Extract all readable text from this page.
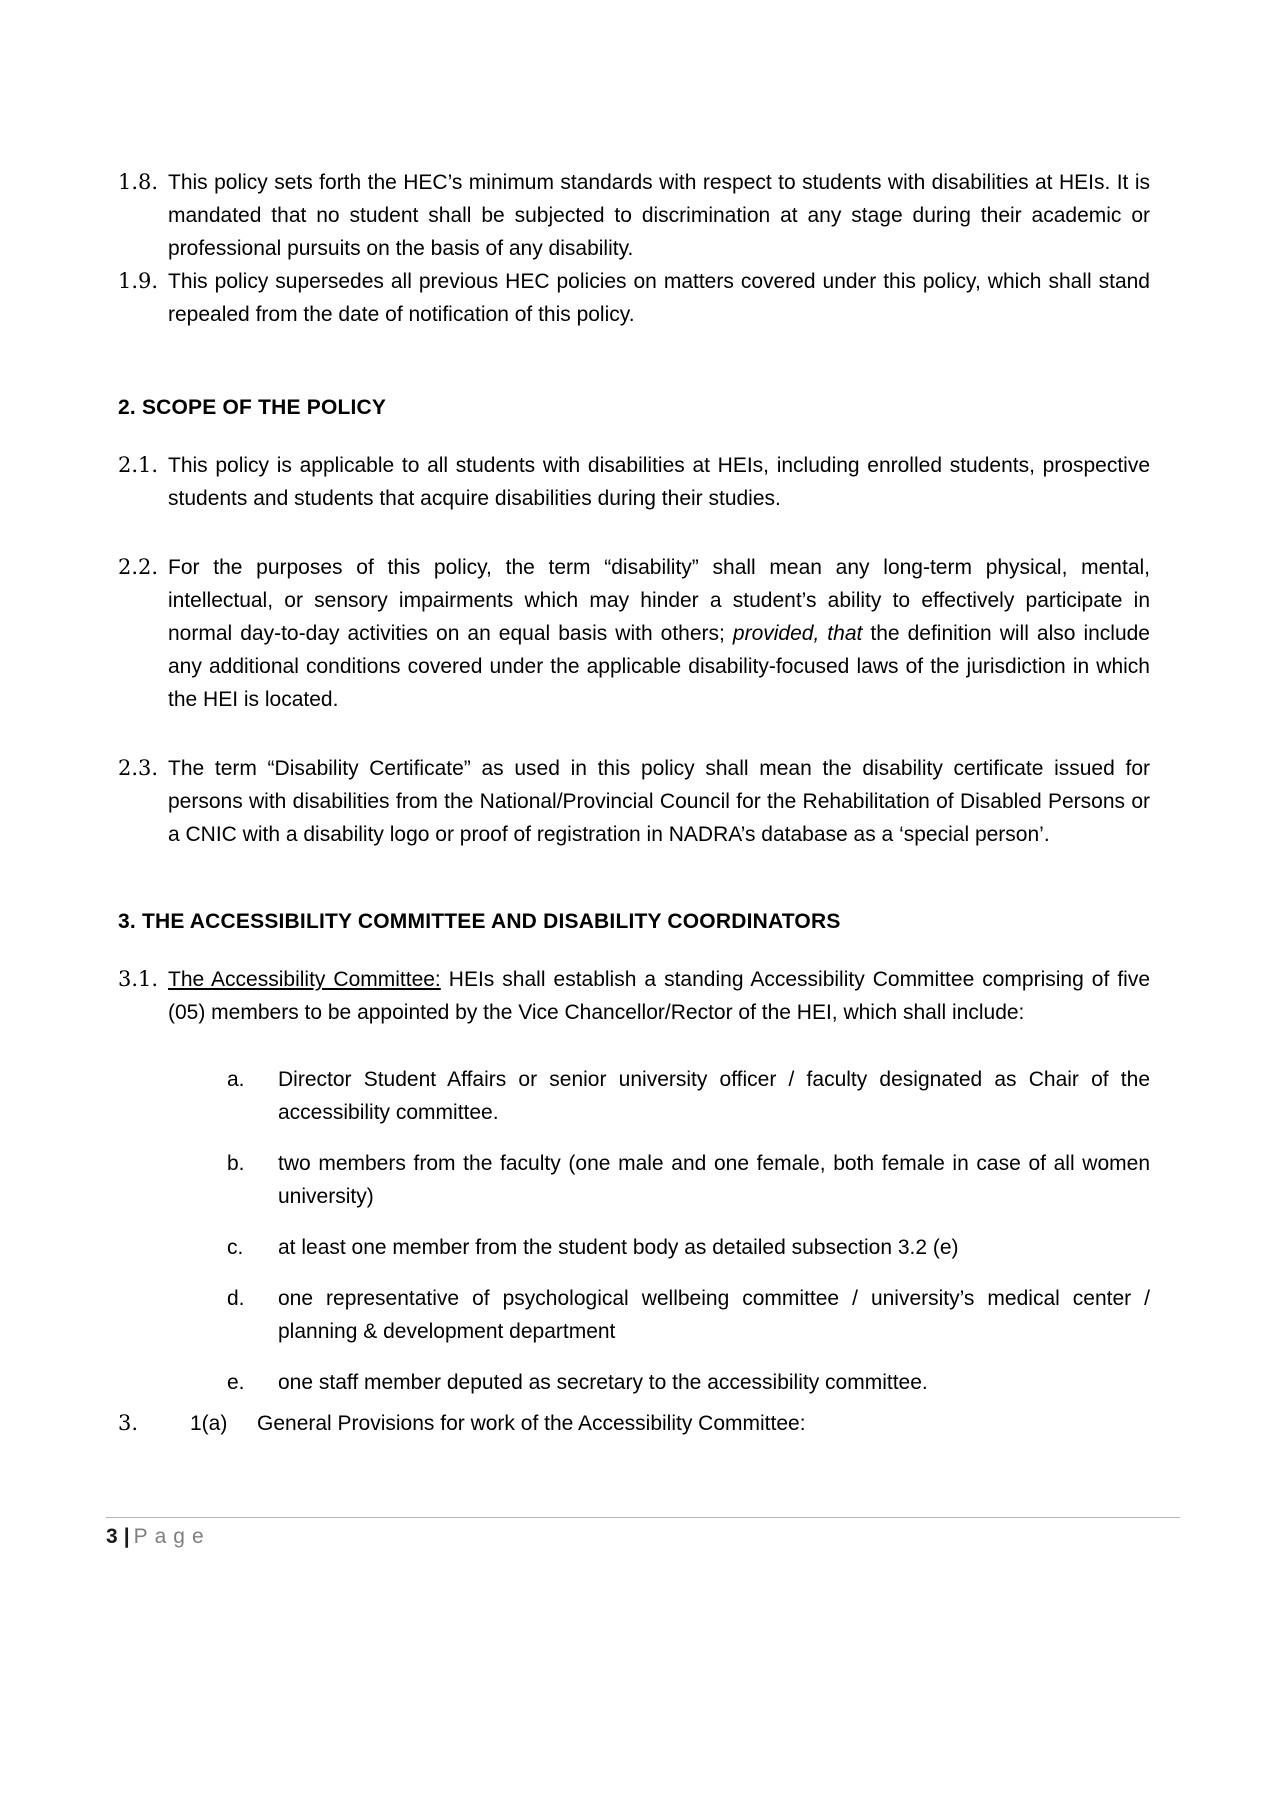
1.8. This policy sets forth the HEC’s minimum standards with respect to students with disabilities at HEIs. It is mandated that no student shall be subjected to discrimination at any stage during their academic or professional pursuits on the basis of any disability.
1.9. This policy supersedes all previous HEC policies on matters covered under this policy, which shall stand repealed from the date of notification of this policy.
2. SCOPE OF THE POLICY
2.1. This policy is applicable to all students with disabilities at HEIs, including enrolled students, prospective students and students that acquire disabilities during their studies.
2.2. For the purposes of this policy, the term “disability” shall mean any long-term physical, mental, intellectual, or sensory impairments which may hinder a student’s ability to effectively participate in normal day-to-day activities on an equal basis with others; provided, that the definition will also include any additional conditions covered under the applicable disability-focused laws of the jurisdiction in which the HEI is located.
2.3. The term “Disability Certificate” as used in this policy shall mean the disability certificate issued for persons with disabilities from the National/Provincial Council for the Rehabilitation of Disabled Persons or a CNIC with a disability logo or proof of registration in NADRA’s database as a ‘special person’.
3. THE ACCESSIBILITY COMMITTEE AND DISABILITY COORDINATORS
3.1. The Accessibility Committee: HEIs shall establish a standing Accessibility Committee comprising of five (05) members to be appointed by the Vice Chancellor/Rector of the HEI, which shall include:
a.	Director Student Affairs or senior university officer / faculty designated as Chair of the accessibility committee.
b.	two members from the faculty (one male and one female, both female in case of all women university)
c.	at least one member from the student body as detailed subsection 3.2 (e)
d.	one representative of psychological wellbeing committee / university’s medical center / planning & development department
e.	one staff member deputed as secretary to the accessibility committee.
3.	1(a)	General Provisions for work of the Accessibility Committee:
3 | Page
